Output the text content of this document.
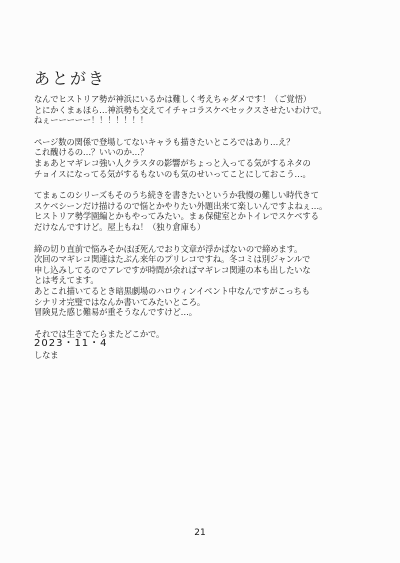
あとがき
なんでヒストリア勢が神浜にいるかは難しく考えちゃダメです！（ご覚悟）
とにかくまぁほら…神浜勢も交えてイチャコラスケベセックスさせたいわけで。
ねぇーーーーー！！！！！！！
ページ数の関係で登場してないキャラも描きたいところではあり…え？
これ醜けるの…？いいのか…？
まぁあとマギレコ強い人クラスタの影響がちょっと入ってる気がするネタの
チョイスになってる気がするもないのも気のせいってことにしておこう…。
てまぁこのシリーズもそのうち続きを書きたいというか我慢の難しい時代きて
スケベシーンだけ描けるので悩とかやりたい外題出来て楽しいんですよねぇ…。
ヒストリア勢学園編とかもやってみたい。まぁ保健室とかトイレでスケベする
だけなんですけど。屋上もね！（独り倉庫も）
締の切り直前で悩みそかほぼ死んでおり文章が浮かばないので締めます。
次回のマギレコ関連はたぶん来年のプリレコですね。冬コミは別ジャンルで
申し込みしてるのでアレですが時間が余ればマギレコ関連の本も出したいな
とは考えてます。
あとこれ描いてるとき暗黒劇場のハロウィンイベント中なんですがこっちも
シナリオ完璧ではなんか書いてみたいところ。
冒険見た感じ難易が重そうなんですけど…。
それでは生きてたらまたどこかで。
2023・11・4
しなま
21
